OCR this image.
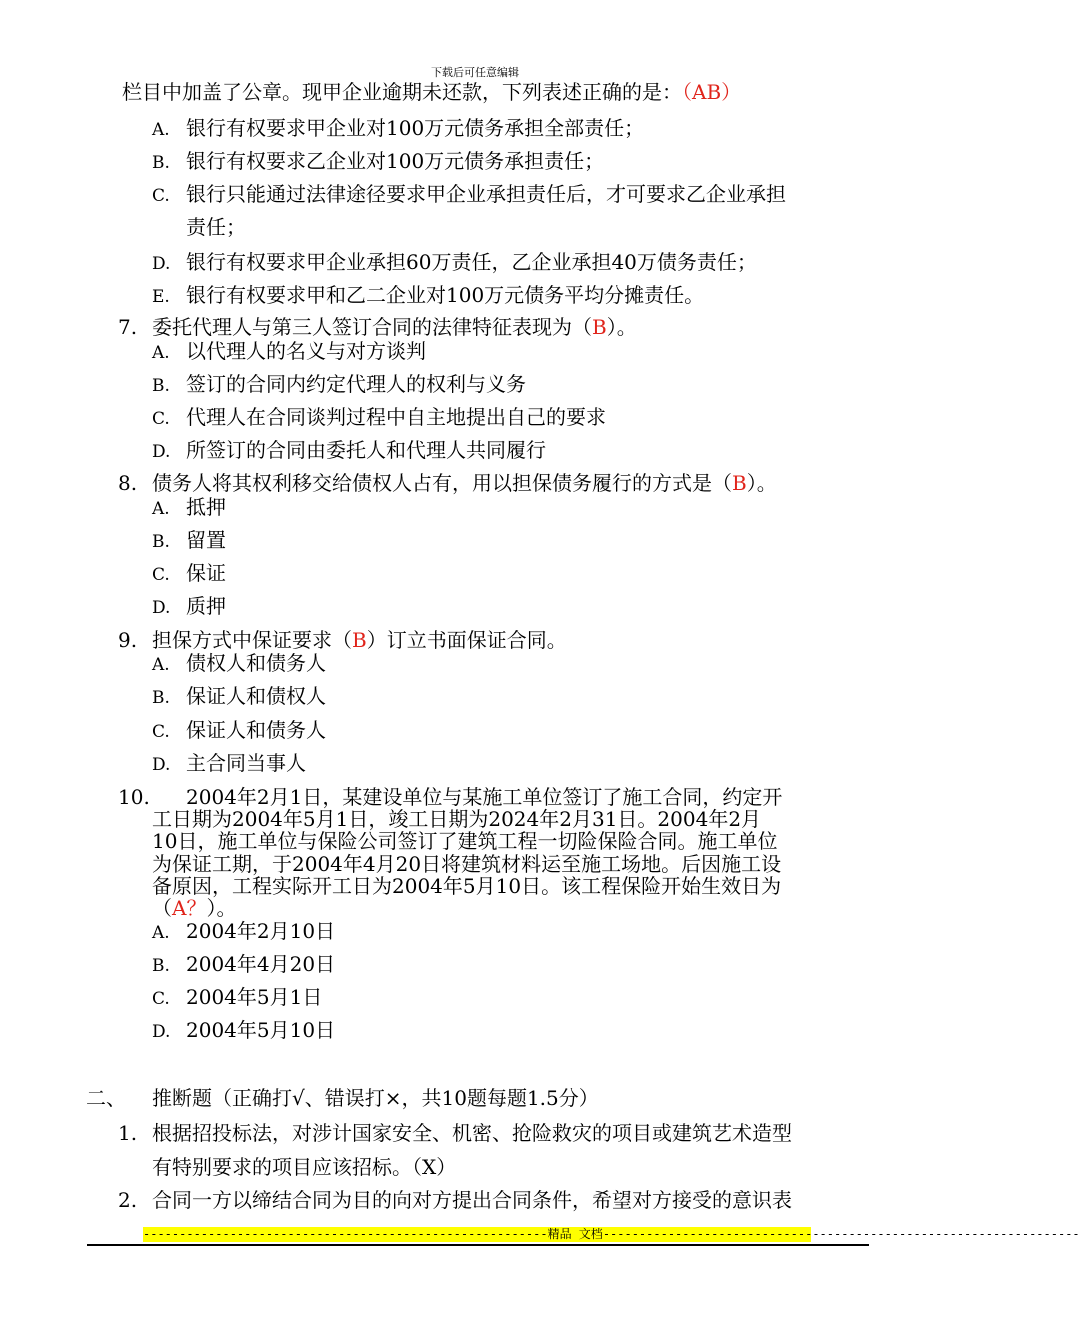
下载后可任意编辑
栏目中加盖了公章。现甲企业逾期未还款，下列表述正确的是：（AB）
A. 银行有权要求甲企业对100万元债务承担全部责任；
B. 银行有权要求乙企业对100万元债务承担责任；
C. 银行只能通过法律途径要求甲企业承担责任后，才可要求乙企业承担
责任；
D. 银行有权要求甲企业承担60万责任，乙企业承担40万债务责任；
E. 银行有权要求甲和乙二企业对100万元债务平均分摊责任。
7. 委托代理人与第三人签订合同的法律特征表现为（B）。
A. 以代理人的名义与对方谈判
B. 签订的合同内约定代理人的权利与义务
C. 代理人在合同谈判过程中自主地提出自己的要求
D. 所签订的合同由委托人和代理人共同履行
8. 债务人将其权利移交给债权人占有，用以担保债务履行的方式是（B）。
A. 抵押
B. 留置
C. 保证
D. 质押
9. 担保方式中保证要求（B）订立书面保证合同。
A. 债权人和债务人
B. 保证人和债权人
C. 保证人和债务人
D. 主合同当事人
10. 2004年2月1日，某建设单位与某施工单位签订了施工合同，约定开
工日期为2004年5月1日，竣工日期为2024年2月31日。2004年2月
10日，施工单位与保险公司签订了建筑工程一切险保险合同。施工单位
为保证工期，于2004年4月20日将建筑材料运至施工场地。后因施工设
备原因，工程实际开工日为2004年5月10日。该工程保险开始生效日为
（A？）。
A. 2004年2月10日
B. 2004年4月20日
C. 2004年5月1日
D. 2004年5月10日
二、 推断题（正确打√、错误打×，共10题每题1.5分）
1. 根据招投标法，对涉计国家安全、机密、抢险救灾的项目或建筑艺术造型
有特别要求的项目应该招标。（X）
2. 合同一方以缔结合同为目的向对方提出合同条件，希望对方接受的意识表
--------------------------------------------------------精品 文档------------------------------------------------------------------
